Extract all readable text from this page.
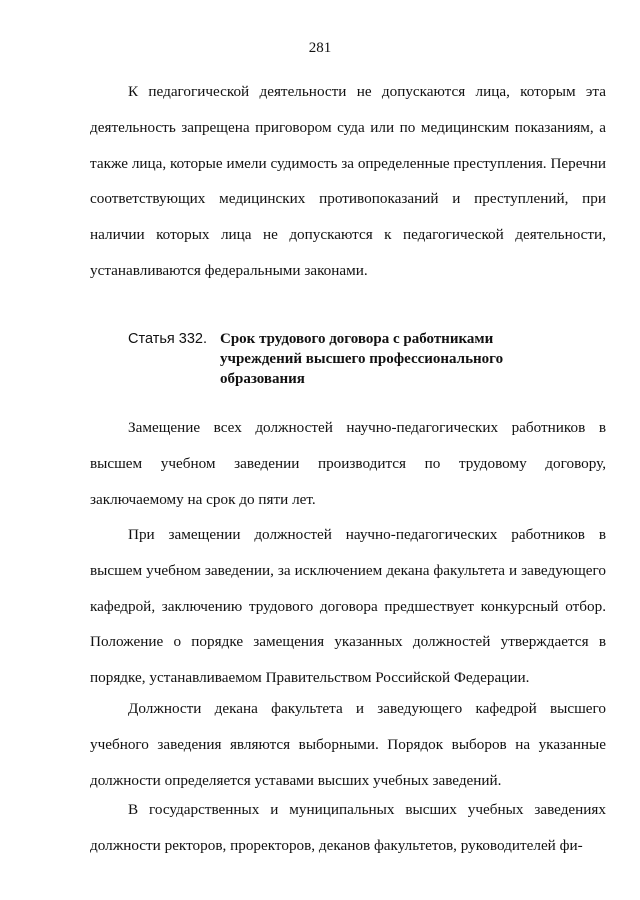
281

К педагогической деятельности не допускаются лица, которым эта деятельность запрещена приговором суда или по медицинским показаниям, а также лица, которые имели судимость за определенные преступления. Перечни соответствующих медицинских противопоказаний и преступлений, при наличии которых лица не допускаются к педагогической деятельности, устанавливаются федеральными законами.

Статья 332. Срок трудового договора с работниками
учреждений высшего профессионального
образования

Замещение всех должностей научно-педагогических работников в высшем учебном заведении производится по трудовому договору, заключаемому на срок до пяти лет.

При замещении должностей научно-педагогических работников в высшем учебном заведении, за исключением декана факультета и заведующего кафедрой, заключению трудового договора предшествует конкурсный отбор. Положение о порядке замещения указанных должностей утверждается в порядке, устанавливаемом Правительством Российской Федерации.

Должности декана факультета и заведующего кафедрой высшего учебного заведения являются выборными. Порядок выборов на указанные должности определяется уставами высших учебных заведений.

В государственных и муниципальных высших учебных заведениях должности ректоров, проректоров, деканов факультетов, руководителей фи-
